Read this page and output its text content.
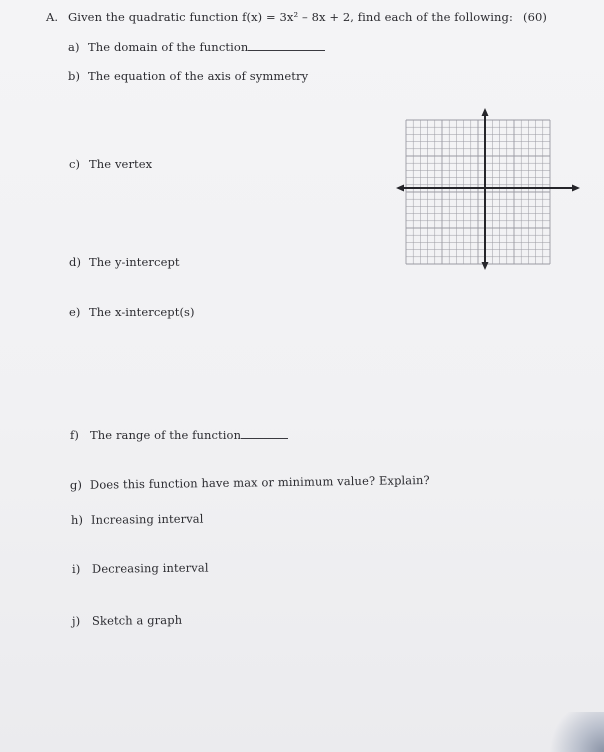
A. Given the quadratic function f(x) = 3x² – 8x + 2, find each of the following: (60)
a) The domain of the function
b) The equation of the axis of symmetry
c) The vertex
d) The y-intercept
e) The x-intercept(s)
f) The range of the function
g) Does this function have max or minimum value? Explain?
h) Increasing interval
i) Decreasing interval
j) Sketch a graph
